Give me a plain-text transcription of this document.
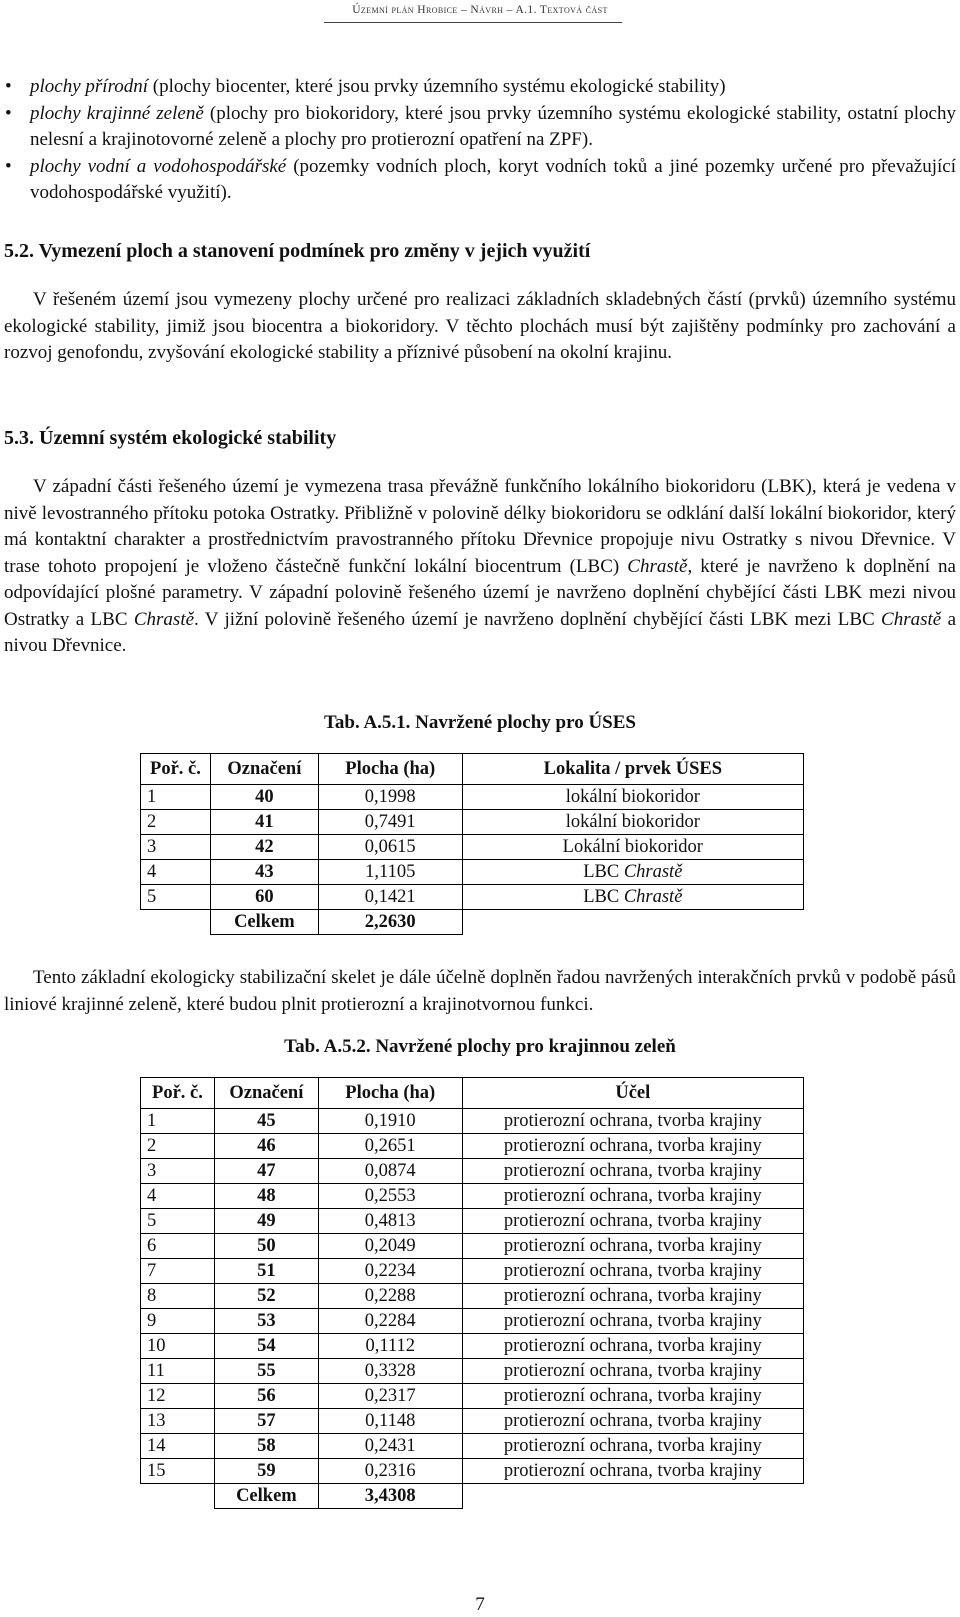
Územní plán Hrobice – Návrh – A.1. Textová část
• plochy přírodní (plochy biocenter, které jsou prvky územního systému ekologické stability)
• plochy krajinné zeleně (plochy pro biokoridory, které jsou prvky územního systému ekologické stability, ostatní plochy nelesní a krajinotovorné zeleně a plochy pro protierozní opatření na ZPF).
• plochy vodní a vodohospodářské (pozemky vodních ploch, koryt vodních toků a jiné pozemky určené pro převažující vodohospodářské využití).
5.2. Vymezení ploch a stanovení podmínek pro změny v jejich využití
V řešeném území jsou vymezeny plochy určené pro realizaci základních skladebných částí (prvků) územního systému ekologické stability, jimiž jsou biocentra a biokoridory. V těchto plochách musí být zajištěny podmínky pro zachování a rozvoj genofondu, zvyšování ekologické stability a příznivé působení na okolní krajinu.
5.3. Územní systém ekologické stability
V západní části řešeného území je vymezena trasa převážně funkčního lokálního biokoridoru (LBK), která je vedena v nivě levostranného přítoku potoka Ostratky. Přibližně v polovině délky biokoridoru se odklání další lokální biokoridor, který má kontaktní charakter a prostřednictvím pravostranného přítoku Dřevnice propojuje nivu Ostratky s nivou Dřevnice. V trase tohoto propojení je vloženo částečně funkční lokální biocentrum (LBC) Chrastě, které je navrženo k doplnění na odpovídající plošné parametry. V západní polovině řešeného území je navrženo doplnění chybějící části LBK mezi nivou Ostratky a LBC Chrastě. V jižní polovině řešeného území je navrženo doplnění chybějící části LBK mezi LBC Chrastě a nivou Dřevnice.
Tab. A.5.1. Navržené plochy pro ÚSES
Poř. č.	Označení	Plocha (ha)	Lokalita / prvek ÚSES
1	40	0,1998	lokální biokoridor
2	41	0,7491	lokální biokoridor
3	42	0,0615	Lokální biokoridor
4	43	1,1105	LBC Chrastě
5	60	0,1421	LBC Chrastě
	Celkem	2,2630	
Tento základní ekologicky stabilizační skelet je dále účelně doplněn řadou navržených interakčních prvků v podobě pásů liniové krajinné zeleně, které budou plnit protierozní a krajinotvornou funkci.
Tab. A.5.2. Navržené plochy pro krajinnou zeleň
Poř. č.	Označení	Plocha (ha)	Účel
1	45	0,1910	protierozní ochrana, tvorba krajiny
2	46	0,2651	protierozní ochrana, tvorba krajiny
3	47	0,0874	protierozní ochrana, tvorba krajiny
4	48	0,2553	protierozní ochrana, tvorba krajiny
5	49	0,4813	protierozní ochrana, tvorba krajiny
6	50	0,2049	protierozní ochrana, tvorba krajiny
7	51	0,2234	protierozní ochrana, tvorba krajiny
8	52	0,2288	protierozní ochrana, tvorba krajiny
9	53	0,2284	protierozní ochrana, tvorba krajiny
10	54	0,1112	protierozní ochrana, tvorba krajiny
11	55	0,3328	protierozní ochrana, tvorba krajiny
12	56	0,2317	protierozní ochrana, tvorba krajiny
13	57	0,1148	protierozní ochrana, tvorba krajiny
14	58	0,2431	protierozní ochrana, tvorba krajiny
15	59	0,2316	protierozní ochrana, tvorba krajiny
	Celkem	3,4308	
7
